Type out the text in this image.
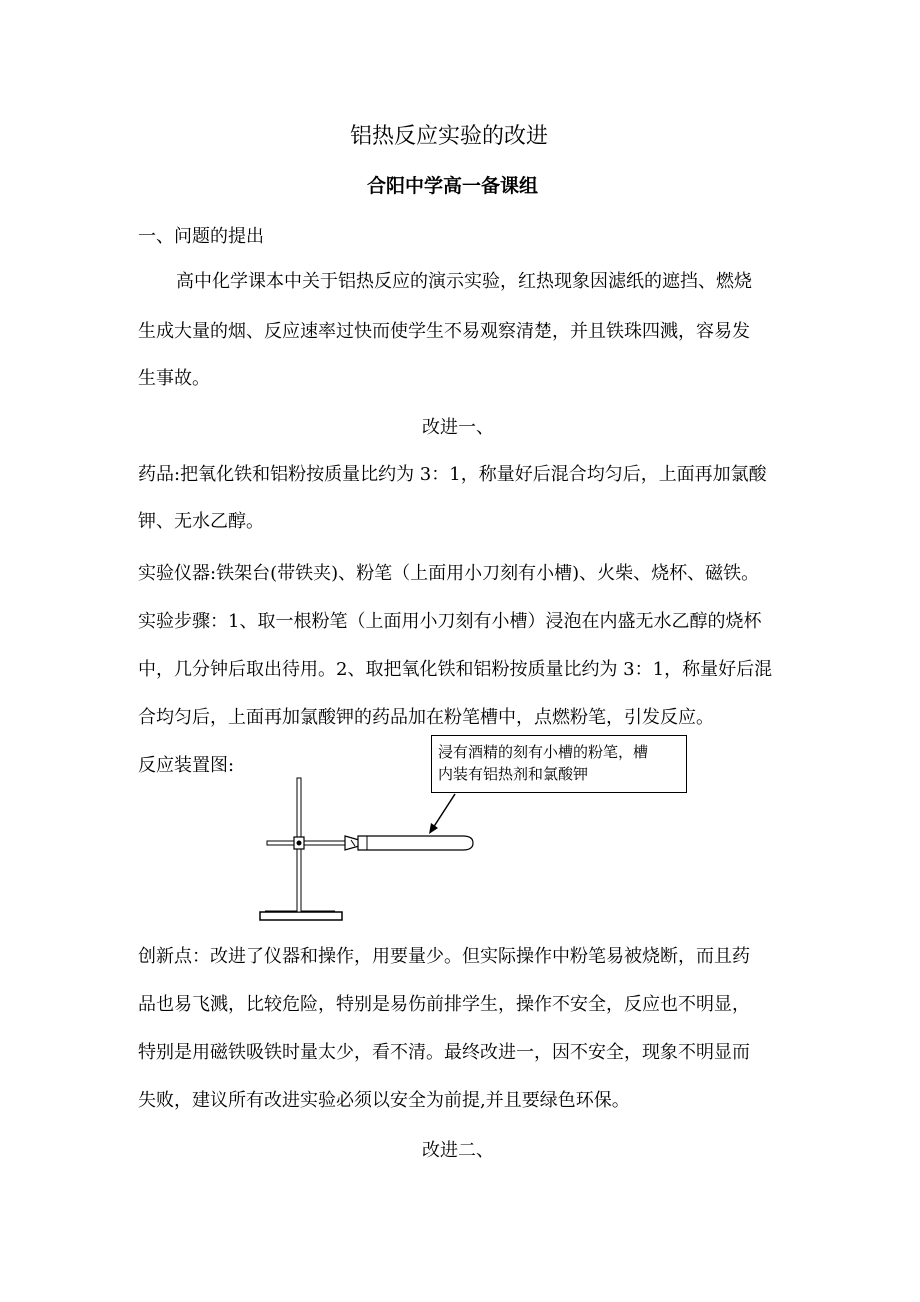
铝热反应实验的改进
合阳中学高一备课组
一、问题的提出
高中化学课本中关于铝热反应的演示实验，红热现象因滤纸的遮挡、燃烧
生成大量的烟、反应速率过快而使学生不易观察清楚，并且铁珠四溅，容易发
生事故。
改进一、
药品:把氧化铁和铝粉按质量比约为 3：1，称量好后混合均匀后，上面再加氯酸
钾、无水乙醇。
实验仪器:铁架台(带铁夹)、粉笔（上面用小刀刻有小槽)、火柴、烧杯、磁铁。
实验步骤：1、取一根粉笔（上面用小刀刻有小槽）浸泡在内盛无水乙醇的烧杯
中，几分钟后取出待用。2、取把氧化铁和铝粉按质量比约为 3：1，称量好后混
合均匀后，上面再加氯酸钾的药品加在粉笔槽中，点燃粉笔，引发反应。
反应装置图:
浸有酒精的刻有小槽的粉笔，槽
内装有铝热剂和氯酸钾
创新点：改进了仪器和操作，用要量少。但实际操作中粉笔易被烧断，而且药
品也易飞溅，比较危险，特别是易伤前排学生，操作不安全，反应也不明显，
特别是用磁铁吸铁时量太少，看不清。最终改进一，因不安全，现象不明显而
失败，建议所有改进实验必须以安全为前提,并且要绿色环保。
改进二、
